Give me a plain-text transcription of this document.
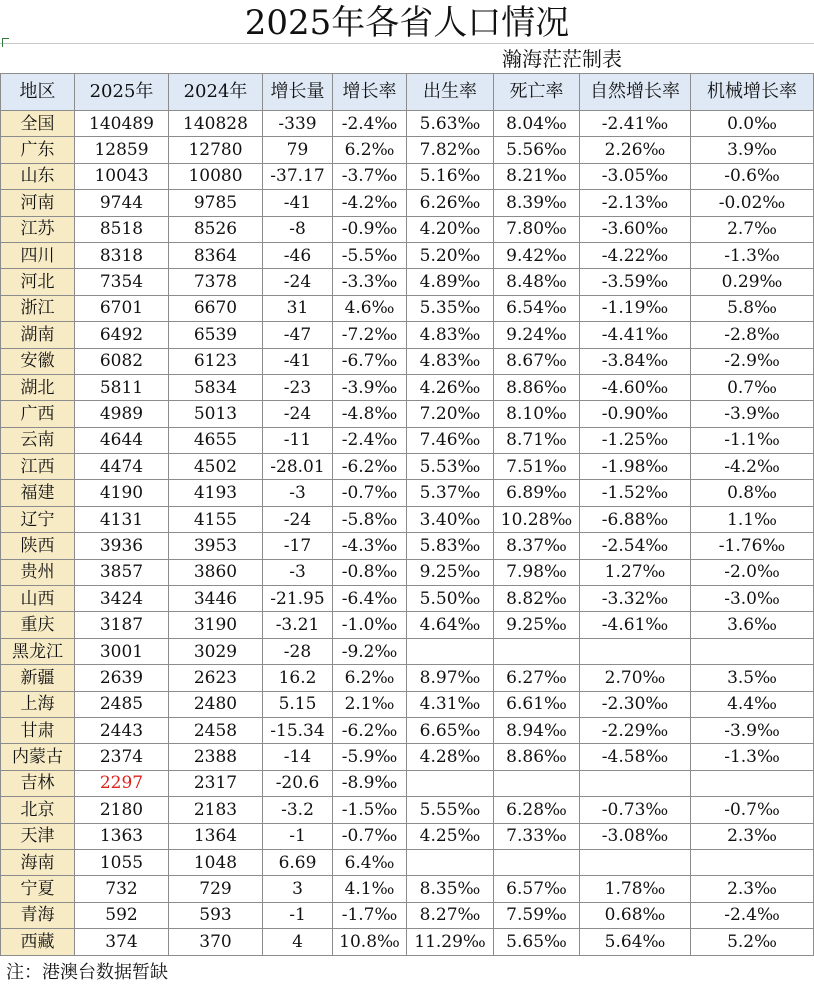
2025年各省人口情况
瀚海茫茫制表
地区	2025年	2024年	增长量	增长率	出生率	死亡率	自然增长率	机械增长率
全国	140489	140828	-339	-2.4‰	5.63‰	8.04‰	-2.41‰	0.0‰
广东	12859	12780	79	6.2‰	7.82‰	5.56‰	2.26‰	3.9‰
山东	10043	10080	-37.17	-3.7‰	5.16‰	8.21‰	-3.05‰	-0.6‰
河南	9744	9785	-41	-4.2‰	6.26‰	8.39‰	-2.13‰	-0.02‰
江苏	8518	8526	-8	-0.9‰	4.20‰	7.80‰	-3.60‰	2.7‰
四川	8318	8364	-46	-5.5‰	5.20‰	9.42‰	-4.22‰	-1.3‰
河北	7354	7378	-24	-3.3‰	4.89‰	8.48‰	-3.59‰	0.29‰
浙江	6701	6670	31	4.6‰	5.35‰	6.54‰	-1.19‰	5.8‰
湖南	6492	6539	-47	-7.2‰	4.83‰	9.24‰	-4.41‰	-2.8‰
安徽	6082	6123	-41	-6.7‰	4.83‰	8.67‰	-3.84‰	-2.9‰
湖北	5811	5834	-23	-3.9‰	4.26‰	8.86‰	-4.60‰	0.7‰
广西	4989	5013	-24	-4.8‰	7.20‰	8.10‰	-0.90‰	-3.9‰
云南	4644	4655	-11	-2.4‰	7.46‰	8.71‰	-1.25‰	-1.1‰
江西	4474	4502	-28.01	-6.2‰	5.53‰	7.51‰	-1.98‰	-4.2‰
福建	4190	4193	-3	-0.7‰	5.37‰	6.89‰	-1.52‰	0.8‰
辽宁	4131	4155	-24	-5.8‰	3.40‰	10.28‰	-6.88‰	1.1‰
陕西	3936	3953	-17	-4.3‰	5.83‰	8.37‰	-2.54‰	-1.76‰
贵州	3857	3860	-3	-0.8‰	9.25‰	7.98‰	1.27‰	-2.0‰
山西	3424	3446	-21.95	-6.4‰	5.50‰	8.82‰	-3.32‰	-3.0‰
重庆	3187	3190	-3.21	-1.0‰	4.64‰	9.25‰	-4.61‰	3.6‰
黑龙江	3001	3029	-28	-9.2‰				
新疆	2639	2623	16.2	6.2‰	8.97‰	6.27‰	2.70‰	3.5‰
上海	2485	2480	5.15	2.1‰	4.31‰	6.61‰	-2.30‰	4.4‰
甘肃	2443	2458	-15.34	-6.2‰	6.65‰	8.94‰	-2.29‰	-3.9‰
内蒙古	2374	2388	-14	-5.9‰	4.28‰	8.86‰	-4.58‰	-1.3‰
吉林	2297	2317	-20.6	-8.9‰				
北京	2180	2183	-3.2	-1.5‰	5.55‰	6.28‰	-0.73‰	-0.7‰
天津	1363	1364	-1	-0.7‰	4.25‰	7.33‰	-3.08‰	2.3‰
海南	1055	1048	6.69	6.4‰				
宁夏	732	729	3	4.1‰	8.35‰	6.57‰	1.78‰	2.3‰
青海	592	593	-1	-1.7‰	8.27‰	7.59‰	0.68‰	-2.4‰
西藏	374	370	4	10.8‰	11.29‰	5.65‰	5.64‰	5.2‰
注：港澳台数据暂缺
